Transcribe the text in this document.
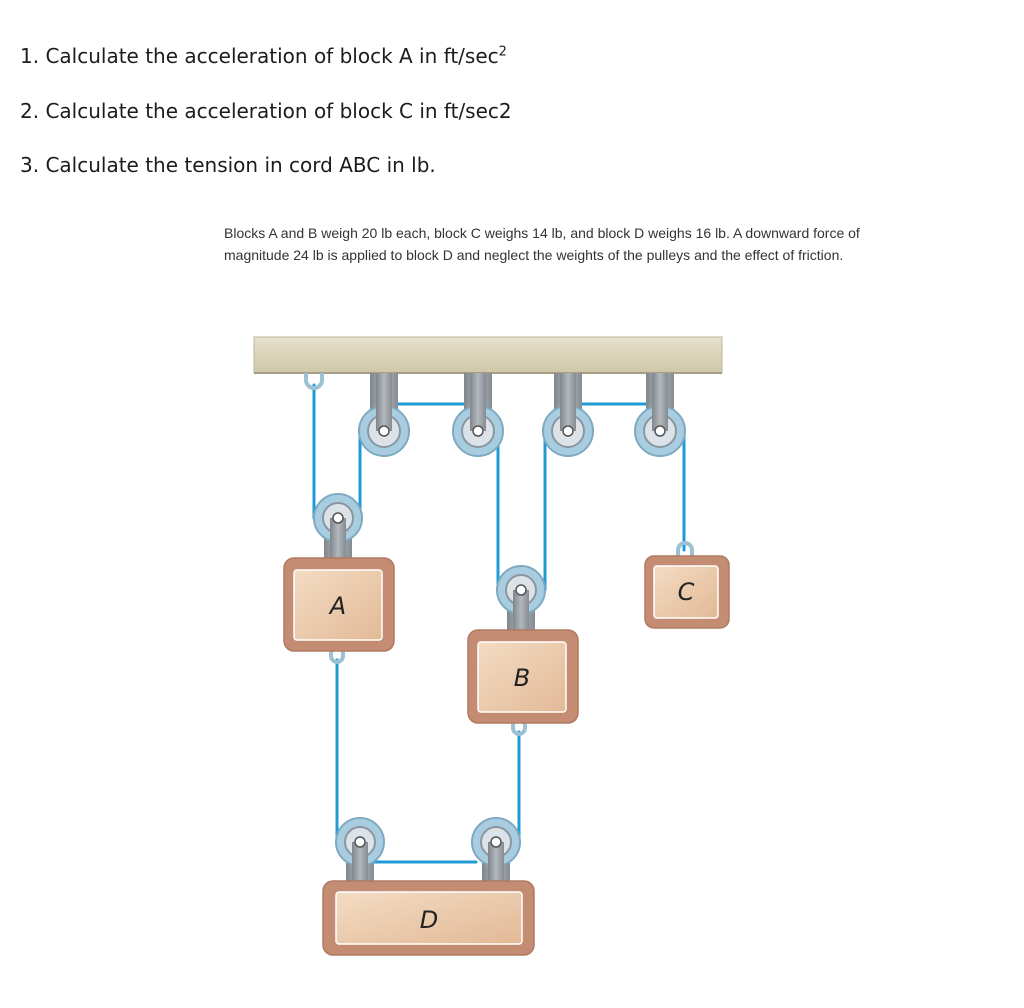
1. Calculate the acceleration of block A in $ft/\sec^2$
2. Calculate the acceleration of block C in ft/sec2
3. Calculate the tension in cord ABC in lb.
Blocks A and B weigh 20 lb each, block C weighs 14 lb, and block D weighs 16 lb. A downward force of magnitude 24 lb is applied to block D and neglect the weights of the pulleys and the effect of friction.
A
B
C
D
